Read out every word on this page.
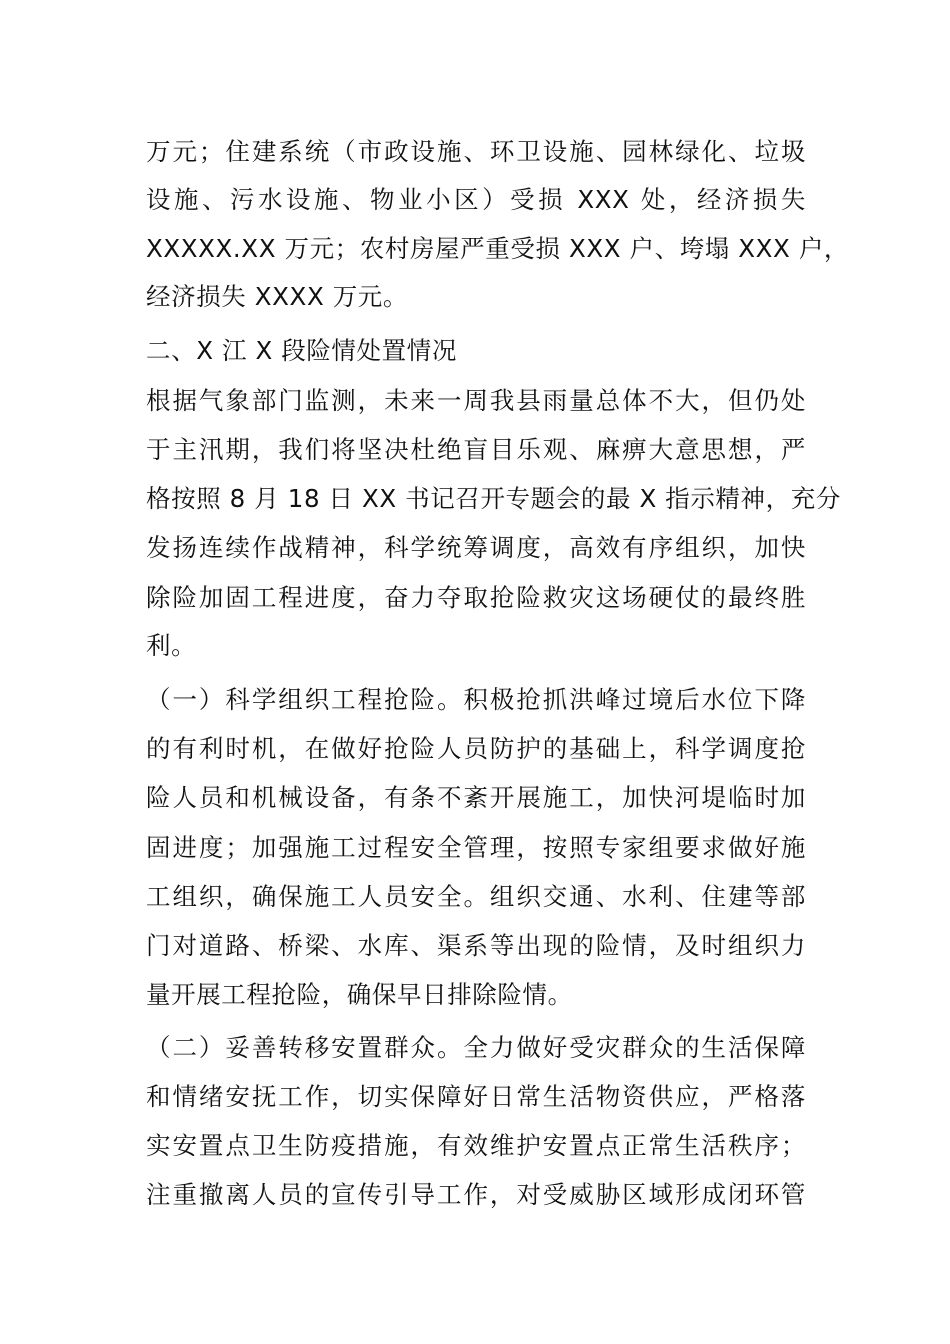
万元；住建系统（市政设施、环卫设施、园林绿化、垃圾
设施、污水设施、物业小区）受损 XXX 处，经济损失
XXXXX.XX 万元；农村房屋严重受损 XXX 户、垮塌 XXX 户，
经济损失 XXXX 万元。
二、X 江 X 段险情处置情况
根据气象部门监测，未来一周我县雨量总体不大，但仍处
于主汛期，我们将坚决杜绝盲目乐观、麻痹大意思想，严
格按照 8 月 18 日 XX 书记召开专题会的最 X 指示精神，充分
发扬连续作战精神，科学统筹调度，高效有序组织，加快
除险加固工程进度，奋力夺取抢险救灾这场硬仗的最终胜
利。
（一）科学组织工程抢险。积极抢抓洪峰过境后水位下降
的有利时机，在做好抢险人员防护的基础上，科学调度抢
险人员和机械设备，有条不紊开展施工，加快河堤临时加
固进度；加强施工过程安全管理，按照专家组要求做好施
工组织，确保施工人员安全。组织交通、水利、住建等部
门对道路、桥梁、水库、渠系等出现的险情，及时组织力
量开展工程抢险，确保早日排除险情。
（二）妥善转移安置群众。全力做好受灾群众的生活保障
和情绪安抚工作，切实保障好日常生活物资供应，严格落
实安置点卫生防疫措施，有效维护安置点正常生活秩序；
注重撤离人员的宣传引导工作，对受威胁区域形成闭环管
